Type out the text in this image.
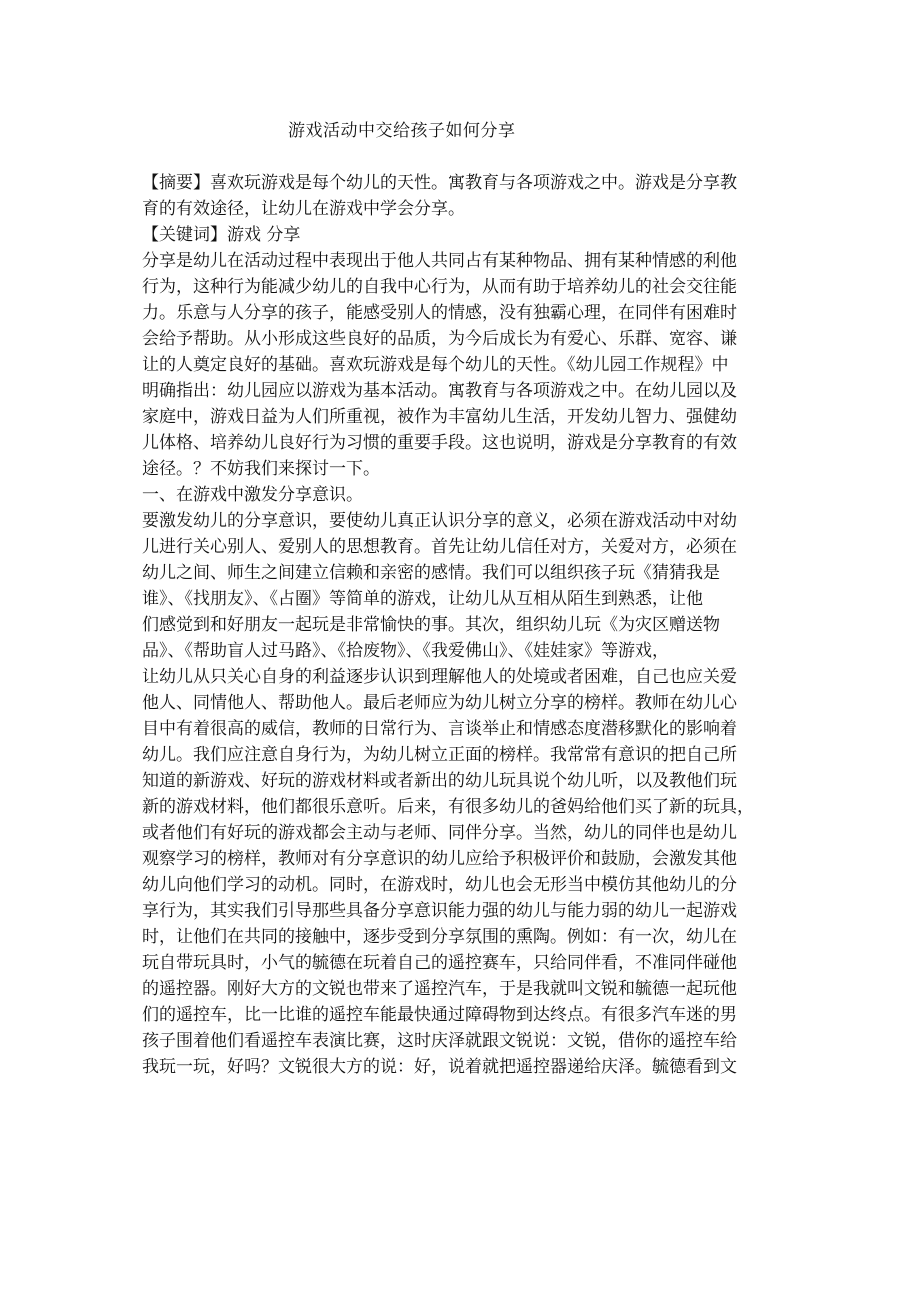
游戏活动中交给孩子如何分享
【摘要】喜欢玩游戏是每个幼儿的天性。寓教育与各项游戏之中。游戏是分享教
育的有效途径，让幼儿在游戏中学会分享。
【关键词】游戏 分享
分享是幼儿在活动过程中表现出于他人共同占有某种物品、拥有某种情感的利他
行为，这种行为能减少幼儿的自我中心行为，从而有助于培养幼儿的社会交往能
力。乐意与人分享的孩子，能感受别人的情感，没有独霸心理，在同伴有困难时
会给予帮助。从小形成这些良好的品质，为今后成长为有爱心、乐群、宽容、谦
让的人奠定良好的基础。喜欢玩游戏是每个幼儿的天性。《幼儿园工作规程》中
明确指出：幼儿园应以游戏为基本活动。寓教育与各项游戏之中。在幼儿园以及
家庭中，游戏日益为人们所重视，被作为丰富幼儿生活，开发幼儿智力、强健幼
儿体格、培养幼儿良好行为习惯的重要手段。这也说明，游戏是分享教育的有效
途径。？不妨我们来探讨一下。
一、在游戏中激发分享意识。
要激发幼儿的分享意识，要使幼儿真正认识分享的意义，必须在游戏活动中对幼
儿进行关心别人、爱别人的思想教育。首先让幼儿信任对方，关爱对方，必须在
幼儿之间、师生之间建立信赖和亲密的感情。我们可以组织孩子玩《猜猜我是
谁》、《找朋友》、《占圈》等简单的游戏，让幼儿从互相从陌生到熟悉，让他
们感觉到和好朋友一起玩是非常愉快的事。其次，组织幼儿玩《为灾区赠送物
品》、《帮助盲人过马路》、《拾废物》、《我爱佛山》、《娃娃家》等游戏，
让幼儿从只关心自身的利益逐步认识到理解他人的处境或者困难，自己也应关爱
他人、同情他人、帮助他人。最后老师应为幼儿树立分享的榜样。教师在幼儿心
目中有着很高的威信，教师的日常行为、言谈举止和情感态度潜移默化的影响着
幼儿。我们应注意自身行为，为幼儿树立正面的榜样。我常常有意识的把自己所
知道的新游戏、好玩的游戏材料或者新出的幼儿玩具说个幼儿听，以及教他们玩
新的游戏材料，他们都很乐意听。后来，有很多幼儿的爸妈给他们买了新的玩具，
或者他们有好玩的游戏都会主动与老师、同伴分享。当然，幼儿的同伴也是幼儿
观察学习的榜样，教师对有分享意识的幼儿应给予积极评价和鼓励，会激发其他
幼儿向他们学习的动机。同时，在游戏时，幼儿也会无形当中模仿其他幼儿的分
享行为，其实我们引导那些具备分享意识能力强的幼儿与能力弱的幼儿一起游戏
时，让他们在共同的接触中，逐步受到分享氛围的熏陶。例如：有一次，幼儿在
玩自带玩具时，小气的毓德在玩着自己的遥控赛车，只给同伴看，不准同伴碰他
的遥控器。刚好大方的文锐也带来了遥控汽车，于是我就叫文锐和毓德一起玩他
们的遥控车，比一比谁的遥控车能最快通过障碍物到达终点。有很多汽车迷的男
孩子围着他们看遥控车表演比赛，这时庆泽就跟文锐说：文锐，借你的遥控车给
我玩一玩，好吗？文锐很大方的说：好，说着就把遥控器递给庆泽。毓德看到文
